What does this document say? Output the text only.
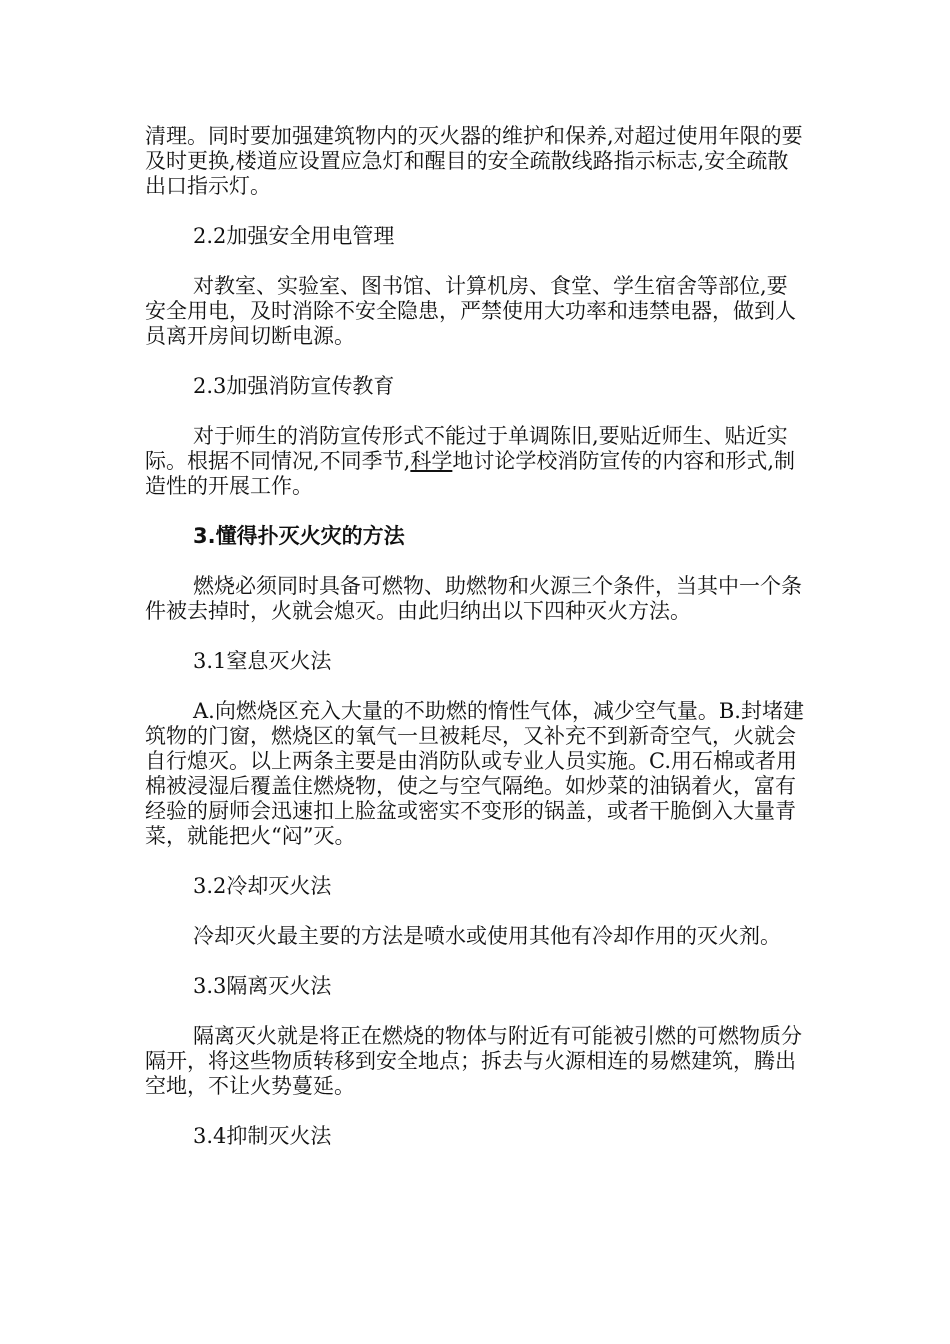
清理。同时要加强建筑物内的灭火器的维护和保养,对超过使用年限的要及时更换,楼道应设置应急灯和醒目的安全疏散线路指示标志,安全疏散出口指示灯。

2.2加强安全用电管理

对教室、实验室、图书馆、计算机房、食堂、学生宿舍等部位,要安全用电，及时消除不安全隐患，严禁使用大功率和违禁电器，做到人员离开房间切断电源。

2.3加强消防宣传教育

对于师生的消防宣传形式不能过于单调陈旧,要贴近师生、贴近实际。根据不同情况,不同季节,科学地讨论学校消防宣传的内容和形式,制造性的开展工作。

3.懂得扑灭火灾的方法

燃烧必须同时具备可燃物、助燃物和火源三个条件，当其中一个条件被去掉时，火就会熄灭。由此归纳出以下四种灭火方法。

3.1窒息灭火法

A.向燃烧区充入大量的不助燃的惰性气体，减少空气量。B.封堵建筑物的门窗，燃烧区的氧气一旦被耗尽，又补充不到新奇空气，火就会自行熄灭。以上两条主要是由消防队或专业人员实施。C.用石棉或者用棉被浸湿后覆盖住燃烧物，使之与空气隔绝。如炒菜的油锅着火，富有经验的厨师会迅速扣上脸盆或密实不变形的锅盖，或者干脆倒入大量青菜，就能把火“闷”灭。

3.2冷却灭火法

冷却灭火最主要的方法是喷水或使用其他有冷却作用的灭火剂。

3.3隔离灭火法

隔离灭火就是将正在燃烧的物体与附近有可能被引燃的可燃物质分隔开，将这些物质转移到安全地点；拆去与火源相连的易燃建筑，腾出空地，不让火势蔓延。

3.4抑制灭火法
